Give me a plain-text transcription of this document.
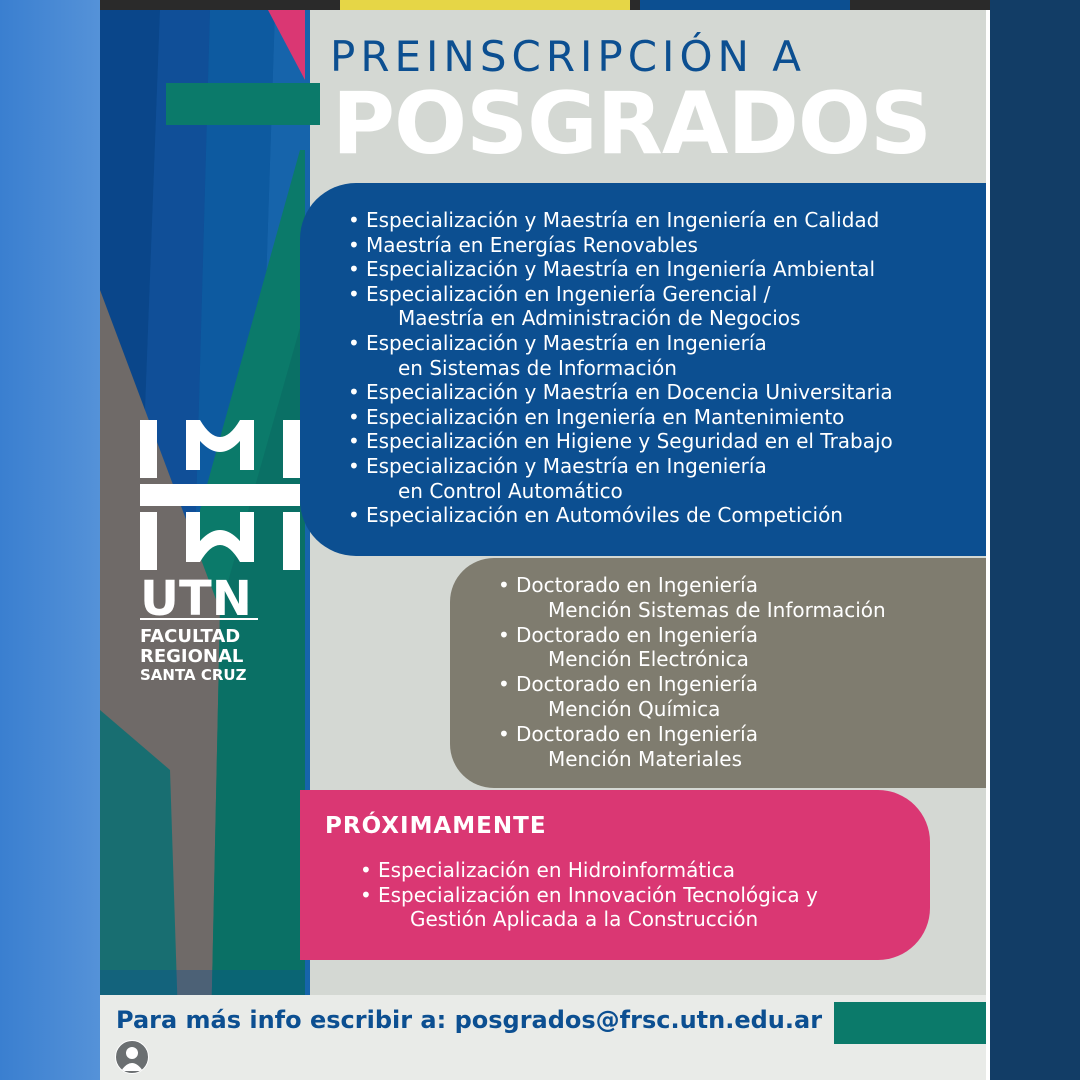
PREINSCRIPCIÓN A
POSGRADOS
UTN
FACULTAD
REGIONAL
SANTA CRUZ
• Especialización y Maestría en Ingeniería en Calidad
• Maestría en Energías Renovables
• Especialización y Maestría en Ingeniería Ambiental
• Especialización en Ingeniería Gerencial /
Maestría en Administración de Negocios
• Especialización y Maestría en Ingeniería
en Sistemas de Información
• Especialización y Maestría en Docencia Universitaria
• Especialización en Ingeniería en Mantenimiento
• Especialización en Higiene y Seguridad en el Trabajo
• Especialización y Maestría en Ingeniería
en Control Automático
• Especialización en Automóviles de Competición
• Doctorado en Ingeniería
Mención Sistemas de Información
• Doctorado en Ingeniería
Mención Electrónica
• Doctorado en Ingeniería
Mención Química
• Doctorado en Ingeniería
Mención Materiales
PRÓXIMAMENTE
• Especialización en Hidroinformática
• Especialización en Innovación Tecnológica y
Gestión Aplicada a la Construcción

Para más info escribir a: posgrados@frsc.utn.edu.ar
